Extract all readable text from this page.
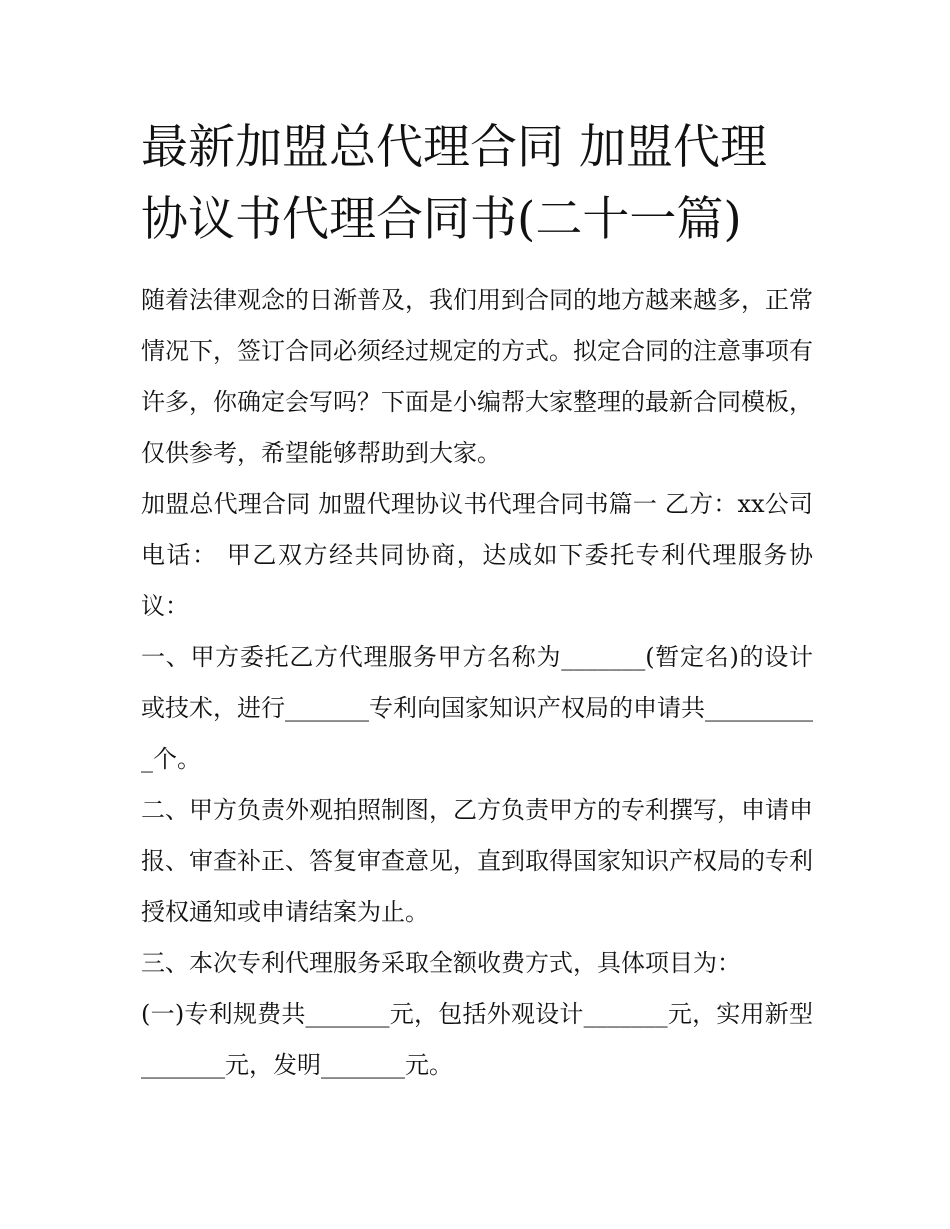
最新加盟总代理合同 加盟代理协议书代理合同书(二十一篇)

随着法律观念的日渐普及，我们用到合同的地方越来越多，正常情况下，签订合同必须经过规定的方式。拟定合同的注意事项有许多，你确定会写吗？下面是小编帮大家整理的最新合同模板，仅供参考，希望能够帮助到大家。

加盟总代理合同 加盟代理协议书代理合同书篇一 乙方：xx公司电话： 甲乙双方经共同协商，达成如下委托专利代理服务协议：

一、甲方委托乙方代理服务甲方名称为_______(暂定名)的设计或技术，进行_______专利向国家知识产权局的申请共__________个。

二、甲方负责外观拍照制图，乙方负责甲方的专利撰写，申请申报、审查补正、答复审查意见，直到取得国家知识产权局的专利授权通知或申请结案为止。

三、本次专利代理服务采取全额收费方式，具体项目为：

(一)专利规费共_______元，包括外观设计_______元，实用新型_______元，发明_______元。
